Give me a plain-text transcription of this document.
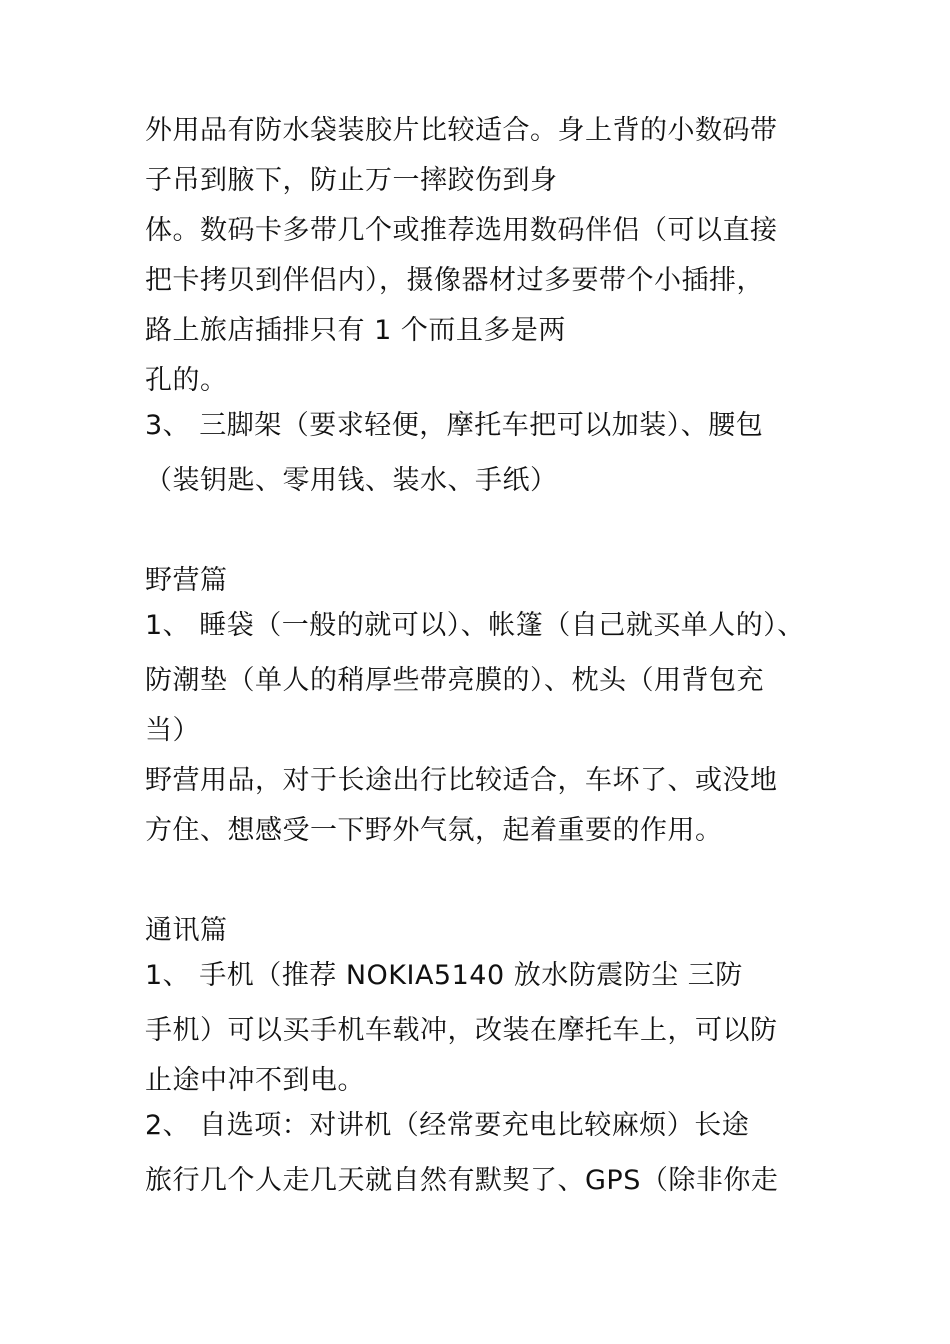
外用品有防水袋装胶片比较适合。身上背的小数码带
子吊到腋下，防止万一摔跤伤到身
体。数码卡多带几个或推荐选用数码伴侣（可以直接
把卡拷贝到伴侣内），摄像器材过多要带个小插排，
路上旅店插排只有 1 个而且多是两
孔的。
3、 三脚架（要求轻便，摩托车把可以加装）、腰包
（装钥匙、零用钱、装水、手纸）
野营篇
1、 睡袋（一般的就可以）、帐篷（自己就买单人的）、
防潮垫（单人的稍厚些带亮膜的）、枕头（用背包充
当）
野营用品，对于长途出行比较适合，车坏了、或没地
方住、想感受一下野外气氛，起着重要的作用。
通讯篇
1、 手机（推荐 NOKIA5140 放水防震防尘 三防
手机）可以买手机车载冲，改装在摩托车上，可以防
止途中冲不到电。
2、 自选项：对讲机（经常要充电比较麻烦）长途
旅行几个人走几天就自然有默契了、GPS（除非你走
